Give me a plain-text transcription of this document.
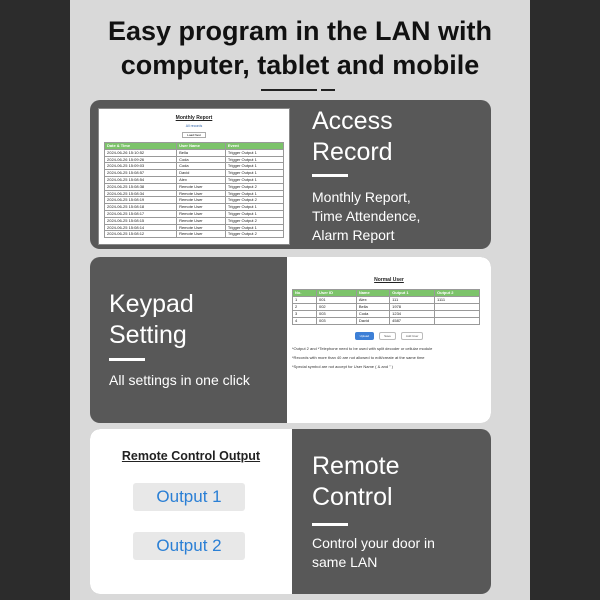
Easy program in the LAN with
computer, tablet and mobile
Monthly Report
All records
Load Next
Date & Time	User Name	Event
2024-06-26 15:10:52	Bella	Trigger Output 1
2024-06-26 15:09:26	Coda	Trigger Output 1
2024-06-25 15:09:03	Coda	Trigger Output 1
2024-06-25 15:08:57	David	Trigger Output 1
2024-06-25 15:08:54	Alex	Trigger Output 1
2024-06-25 15:08:38	Remote User	Trigger Output 2
2024-06-25 15:08:34	Remote User	Trigger Output 1
2024-06-25 15:08:19	Remote User	Trigger Output 2
2024-06-25 15:08:18	Remote User	Trigger Output 1
2024-06-25 15:08:17	Remote User	Trigger Output 1
2024-06-25 15:08:15	Remote User	Trigger Output 2
2024-06-25 15:08:14	Remote User	Trigger Output 1
2024-06-25 15:08:12	Remote User	Trigger Output 2
Access
Record
Monthly Report,
Time Attendence,
Alarm Report
Keypad
Setting
All settings in one click
Normal User
No.	User ID	Name	Output 1	Output 2
1	001	Alex	111	1111
2	002	Bella	1978	
3	003	Coda	1234	
4	003	David	4587	
Upload	Save	Add User
*Output 2 and *Telephone need to be used with split decoder or cellular module
*Records with more than 40 are not allowed to edit/create at the same time
*Special symbol are not accept for User Name ( & and " )
Remote Control Output
Output 1
Output 2
Remote
Control
Control your door in
same LAN
